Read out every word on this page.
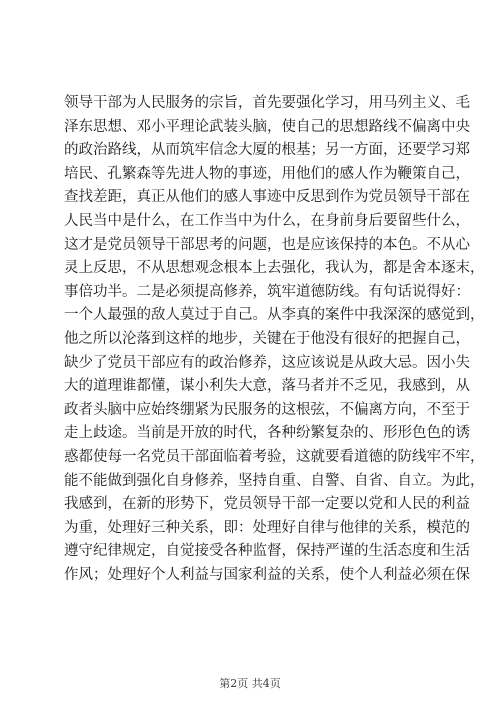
领导干部为人民服务的宗旨，首先要强化学习，用马列主义、毛
泽东思想、邓小平理论武装头脑，使自己的思想路线不偏离中央
的政治路线，从而筑牢信念大厦的根基；另一方面，还要学习郑
培民、孔繁森等先进人物的事迹，用他们的感人作为鞭策自己，
查找差距，真正从他们的感人事迹中反思到作为党员领导干部在
人民当中是什么，在工作当中为什么，在身前身后要留些什么，
这才是党员领导干部思考的问题，也是应该保持的本色。不从心
灵上反思，不从思想观念根本上去强化，我认为，都是舍本逐末，
事倍功半。二是必须提高修养，筑牢道德防线。有句话说得好：
一个人最强的敌人莫过于自己。从李真的案件中我深深的感觉到，
他之所以沦落到这样的地步，关键在于他没有很好的把握自己，
缺少了党员干部应有的政治修养，这应该说是从政大忌。因小失
大的道理谁都懂，谋小利失大意，落马者并不乏见，我感到，从
政者头脑中应始终绷紧为民服务的这根弦，不偏离方向，不至于
走上歧途。当前是开放的时代，各种纷繁复杂的、形形色色的诱
惑都使每一名党员干部面临着考验，这就要看道德的防线牢不牢，
能不能做到强化自身修养，坚持自重、自警、自省、自立。为此，
我感到，在新的形势下，党员领导干部一定要以党和人民的利益
为重，处理好三种关系，即：处理好自律与他律的关系，模范的
遵守纪律规定，自觉接受各种监督，保持严谨的生活态度和生活
作风；处理好个人利益与国家利益的关系，使个人利益必须在保
第2页 共4页
